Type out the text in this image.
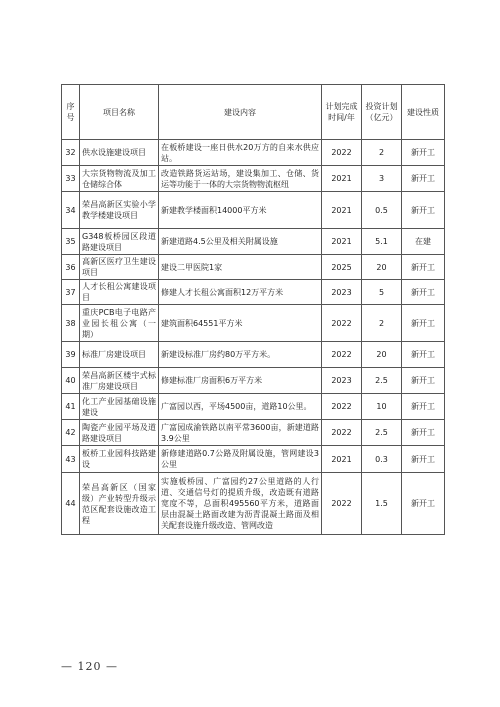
序号	项目名称	建设内容	计划完成时间/年	投资计划（亿元）	建设性质
32	供水设施建设项目	在板桥建设一座日供水20万方的自来水供应站。	2022	2	新开工
33	大宗货物物流及加工仓储综合体	改造铁路货运站场，建设集加工、仓储、货运等功能于一体的大宗货物物流枢纽	2021	3	新开工
34	荣昌高新区实验小学教学楼建设项目	新建教学楼面积14000平方米	2021	0.5	新开工
35	G348板桥园区段道路建设项目	新建道路4.5公里及相关附属设施	2021	5.1	在建
36	高新区医疗卫生建设项目	建设二甲医院1家	2025	20	新开工
37	人才长租公寓建设项目	修建人才长租公寓面积12万平方米	2023	5	新开工
38	重庆PCB电子电路产业园长租公寓（一期）	建筑面积64551平方米	2022	2	新开工
39	标准厂房建设项目	新建设标准厂房约80万平方米。	2022	20	新开工
40	荣昌高新区楼宇式标准厂房建设项目	修建标准厂房面积6万平方米	2023	2.5	新开工
41	化工产业园基础设施建设	广富园以西，平场4500亩，道路10公里。	2022	10	新开工
42	陶瓷产业园平场及道路建设项目	广富园成渝铁路以南平常3600亩，新建道路3.9公里	2022	2.5	新开工
43	板桥工业园科技路建设	新修建道路0.7公路及附属设施，管网建设3公里	2021	0.3	新开工
44	荣昌高新区（国家级）产业转型升级示范区配套设施改造工程	实施板桥园、广富园约27公里道路的人行道、交通信号灯的提质升级，改造既有道路宽度不等，总面积495560平方米，道路面层由混凝土路面改建为沥青混凝土路面及相关配套设施升级改造、管网改造	2022	1.5	新开工
— 120 —
